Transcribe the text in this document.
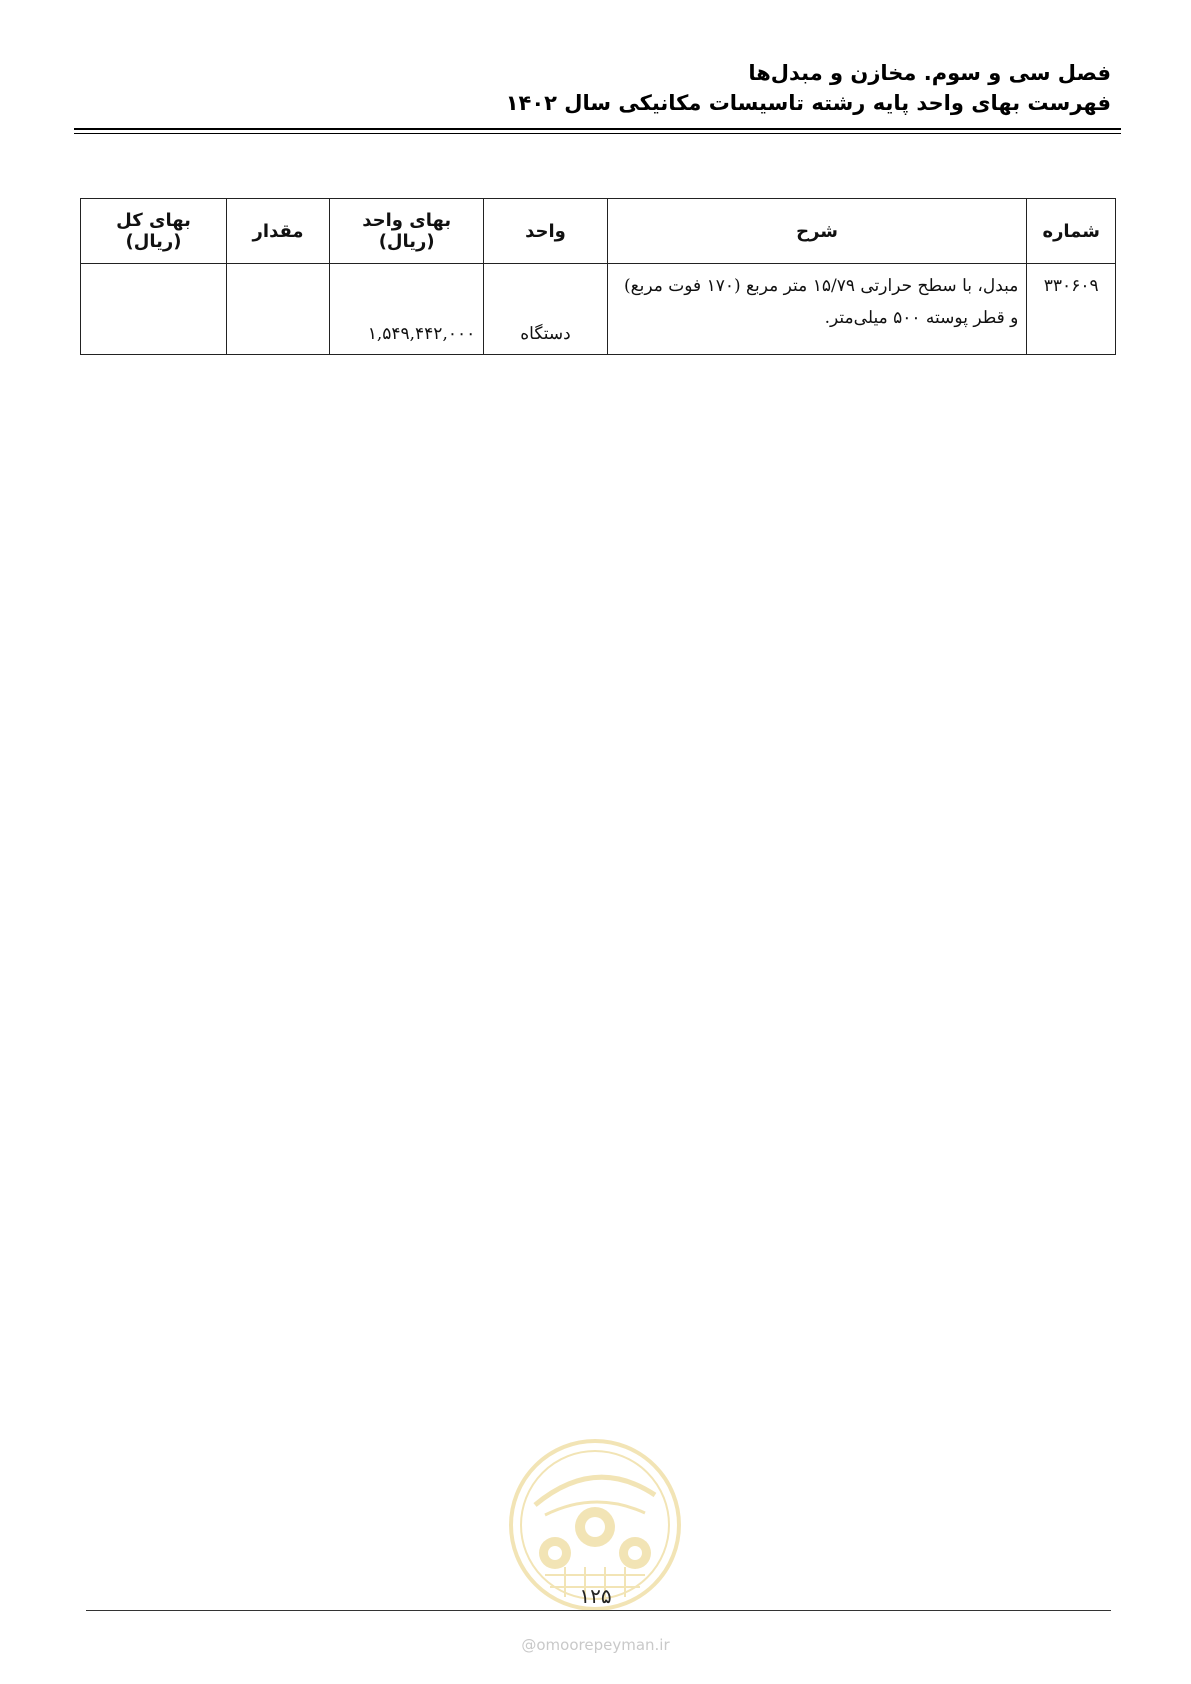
فصل سی و سوم. مخازن و مبدل‌ها
فهرست بهای واحد پایه رشته تاسیسات مکانیکی سال ۱۴۰۲
شماره	شرح	واحد	بهای واحد (ریال)	مقدار	بهای کل (ریال)
۳۳۰۶۰۹	مبدل، با سطح حرارتی ۱۵/۷۹ متر مربع (۱۷۰ فوت مربع) و قطر پوسته ۵۰۰ میلی‌متر.	دستگاه	۱,۵۴۹,۴۴۲,۰۰۰		
۱۲۵
@omoorepeyman.ir
